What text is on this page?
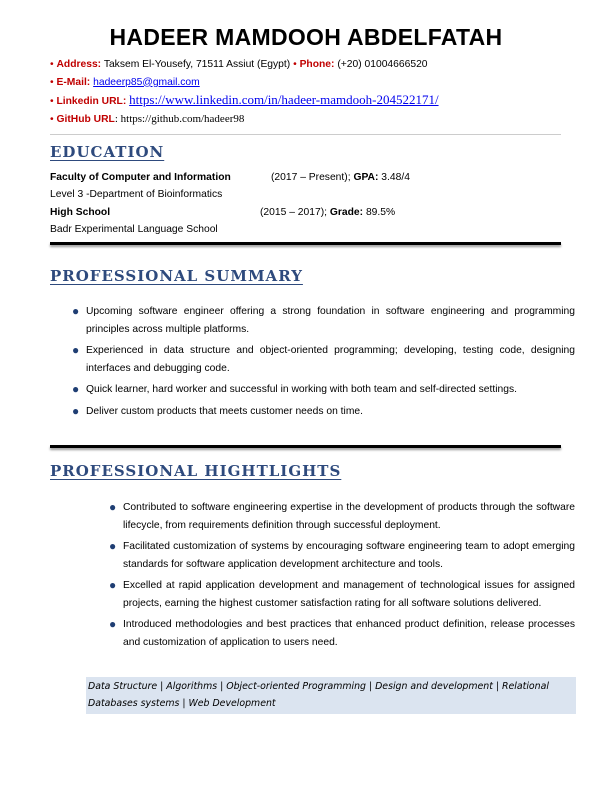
HADEER MAMDOOH ABDELFATAH
• Address: Taksem El-Yousefy, 71511 Assiut (Egypt) • Phone: (+20) 01004666520
• E-Mail: hadeerp85@gmail.com
• Linkedin URL: https://www.linkedin.com/in/hadeer-mamdooh-204522171/
• GitHub URL: https://github.com/hadeer98
EDUCATION
Faculty of Computer and Information	(2017 – Present); GPA: 3.48/4
Level 3 -Department of Bioinformatics
High School	(2015 – 2017); Grade: 89.5%
Badr Experimental Language School
PROFESSIONAL SUMMARY
● Upcoming software engineer offering a strong foundation in software engineering and programming principles across multiple platforms.
● Experienced in data structure and object-oriented programming; developing, testing code, designing interfaces and debugging code.
● Quick learner, hard worker and successful in working with both team and self-directed settings.
● Deliver custom products that meets customer needs on time.
PROFESSIONAL HIGHTLIGHTS
● Contributed to software engineering expertise in the development of products through the software lifecycle, from requirements definition through successful deployment.
● Facilitated customization of systems by encouraging software engineering team to adopt emerging standards for software application development architecture and tools.
● Excelled at rapid application development and management of technological issues for assigned projects, earning the highest customer satisfaction rating for all software solutions delivered.
● Introduced methodologies and best practices that enhanced product definition, release processes and customization of application to users need.
Data Structure | Algorithms | Object-oriented Programming | Design and development | Relational Databases systems | Web Development
